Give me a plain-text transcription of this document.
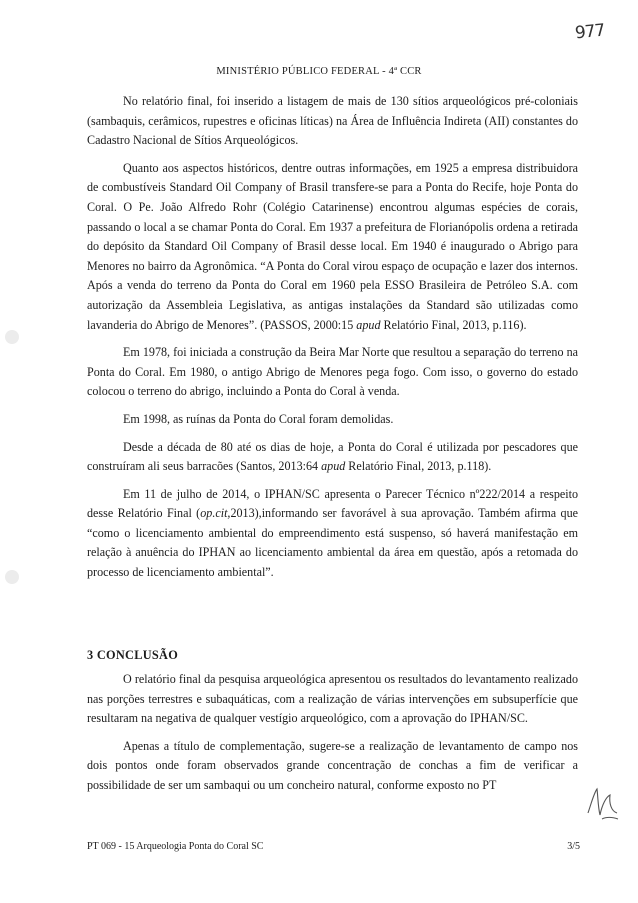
977
MINISTÉRIO PÚBLICO FEDERAL - 4ª CCR

No relatório final, foi inserido a listagem de mais de 130 sítios arqueológicos pré-coloniais (sambaquis, cerâmicos, rupestres e oficinas líticas) na Área de Influência Indireta (AII) constantes do Cadastro Nacional de Sítios Arqueológicos.

Quanto aos aspectos históricos, dentre outras informações, em 1925 a empresa distribuidora de combustíveis Standard Oil Company of Brasil transfere-se para a Ponta do Recife, hoje Ponta do Coral. O Pe. João Alfredo Rohr (Colégio Catarinense) encontrou algumas espécies de corais, passando o local a se chamar Ponta do Coral. Em 1937 a prefeitura de Florianópolis ordena a retirada do depósito da Standard Oil Company of Brasil desse local. Em 1940 é inaugurado o Abrigo para Menores no bairro da Agronômica. “A Ponta do Coral virou espaço de ocupação e lazer dos internos. Após a venda do terreno da Ponta do Coral em 1960 pela ESSO Brasileira de Petróleo S.A. com autorização da Assembleia Legislativa, as antigas instalações da Standard são utilizadas como lavanderia do Abrigo de Menores”. (PASSOS, 2000:15 apud Relatório Final, 2013, p.116).

Em 1978, foi iniciada a construção da Beira Mar Norte que resultou a separação do terreno na Ponta do Coral. Em 1980, o antigo Abrigo de Menores pega fogo. Com isso, o governo do estado colocou o terreno do abrigo, incluindo a Ponta do Coral à venda.

Em 1998, as ruínas da Ponta do Coral foram demolidas.

Desde a década de 80 até os dias de hoje, a Ponta do Coral é utilizada por pescadores que construíram ali seus barracões (Santos, 2013:64 apud Relatório Final, 2013, p.118).

Em 11 de julho de 2014, o IPHAN/SC apresenta o Parecer Técnico nº222/2014 a respeito desse Relatório Final (op.cit,2013),informando ser favorável à sua aprovação. Também afirma que “como o licenciamento ambiental do empreendimento está suspenso, só haverá manifestação em relação à anuência do IPHAN ao licenciamento ambiental da área em questão, após a retomada do processo de licenciamento ambiental”.

3 CONCLUSÃO

O relatório final da pesquisa arqueológica apresentou os resultados do levantamento realizado nas porções terrestres e subaquáticas, com a realização de várias intervenções em subsuperfície que resultaram na negativa de qualquer vestígio arqueológico, com a aprovação do IPHAN/SC.

Apenas a título de complementação, sugere-se a realização de levantamento de campo nos dois pontos onde foram observados grande concentração de conchas a fim de verificar a possibilidade de ser um sambaqui ou um concheiro natural, conforme exposto no PT

PT 069 - 15 Arqueologia Ponta do Coral SC	3/5
